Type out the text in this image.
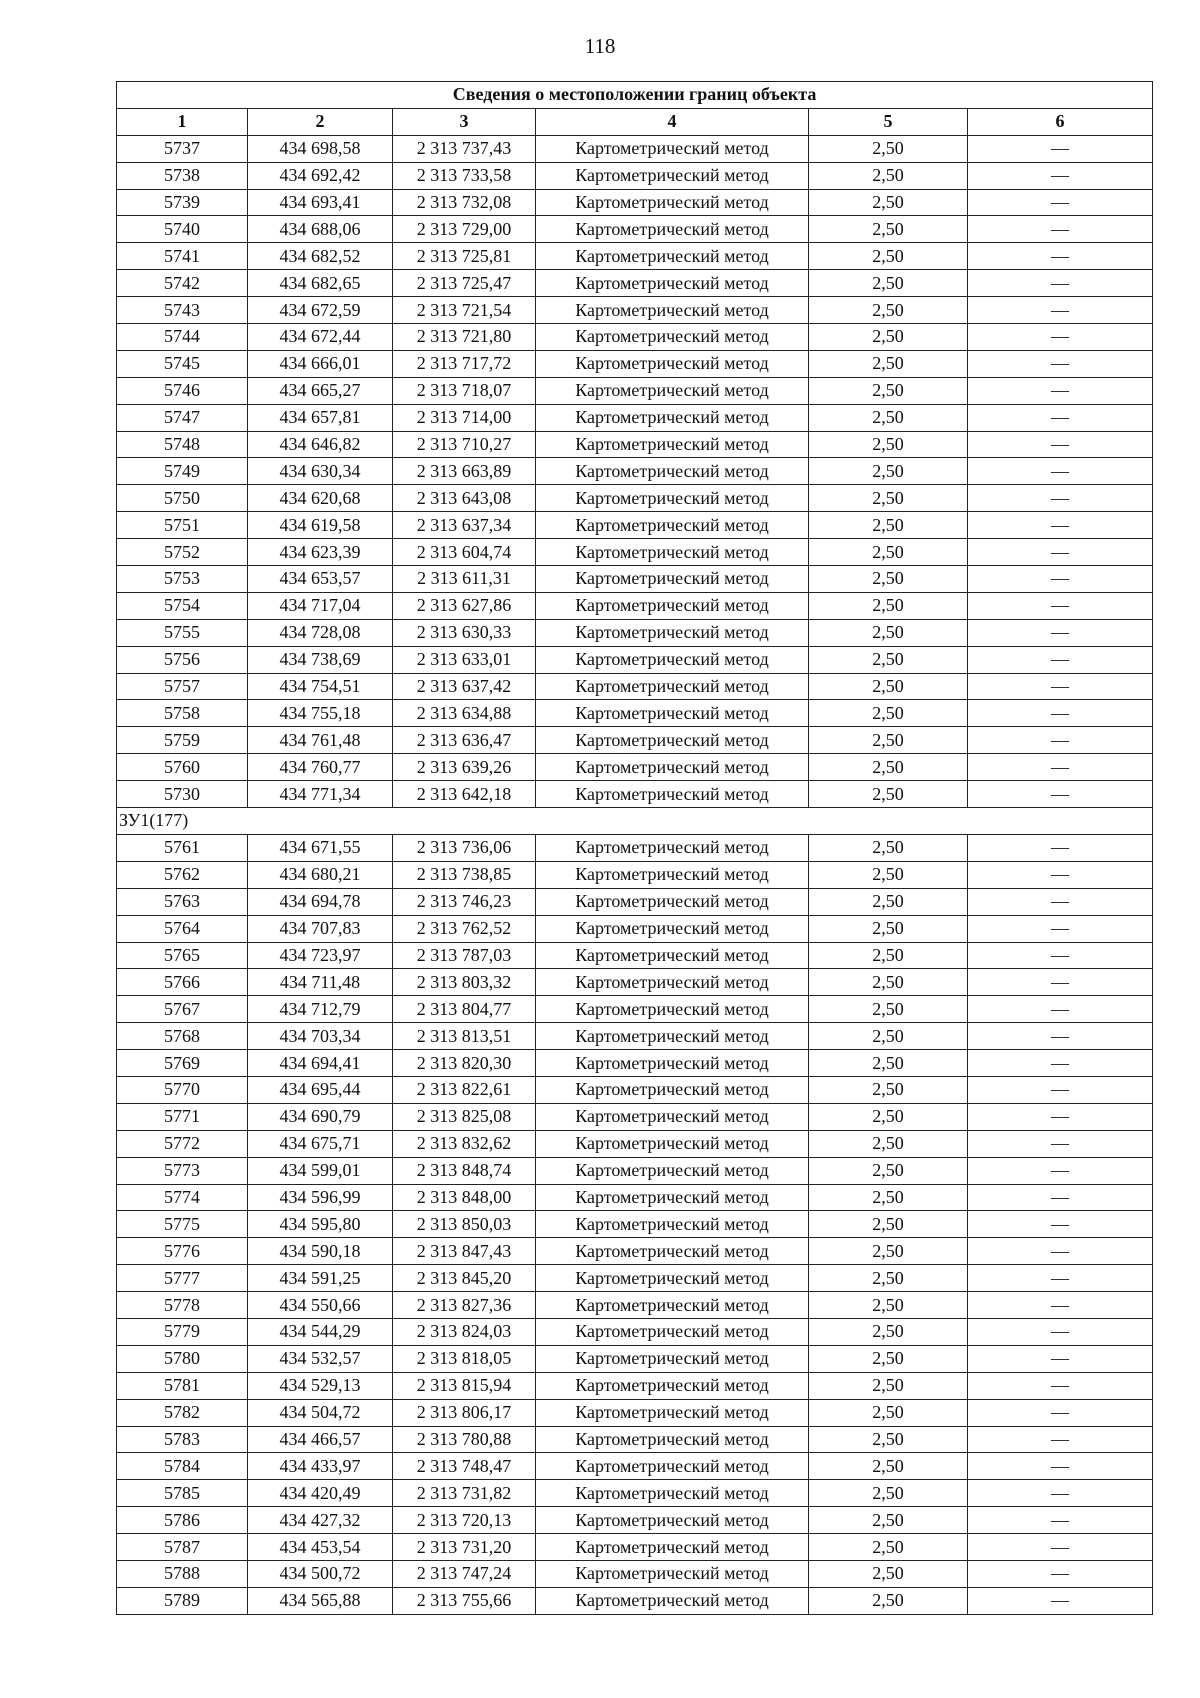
118
Сведения о местоположении границ объекта					
1	2	3	4	5	6
5737	434 698,58	2 313 737,43	Картометрический метод	2,50	—
5738	434 692,42	2 313 733,58	Картометрический метод	2,50	—
5739	434 693,41	2 313 732,08	Картометрический метод	2,50	—
5740	434 688,06	2 313 729,00	Картометрический метод	2,50	—
5741	434 682,52	2 313 725,81	Картометрический метод	2,50	—
5742	434 682,65	2 313 725,47	Картометрический метод	2,50	—
5743	434 672,59	2 313 721,54	Картометрический метод	2,50	—
5744	434 672,44	2 313 721,80	Картометрический метод	2,50	—
5745	434 666,01	2 313 717,72	Картометрический метод	2,50	—
5746	434 665,27	2 313 718,07	Картометрический метод	2,50	—
5747	434 657,81	2 313 714,00	Картометрический метод	2,50	—
5748	434 646,82	2 313 710,27	Картометрический метод	2,50	—
5749	434 630,34	2 313 663,89	Картометрический метод	2,50	—
5750	434 620,68	2 313 643,08	Картометрический метод	2,50	—
5751	434 619,58	2 313 637,34	Картометрический метод	2,50	—
5752	434 623,39	2 313 604,74	Картометрический метод	2,50	—
5753	434 653,57	2 313 611,31	Картометрический метод	2,50	—
5754	434 717,04	2 313 627,86	Картометрический метод	2,50	—
5755	434 728,08	2 313 630,33	Картометрический метод	2,50	—
5756	434 738,69	2 313 633,01	Картометрический метод	2,50	—
5757	434 754,51	2 313 637,42	Картометрический метод	2,50	—
5758	434 755,18	2 313 634,88	Картометрический метод	2,50	—
5759	434 761,48	2 313 636,47	Картометрический метод	2,50	—
5760	434 760,77	2 313 639,26	Картометрический метод	2,50	—
5730	434 771,34	2 313 642,18	Картометрический метод	2,50	—
ЗУ1(177)					
5761	434 671,55	2 313 736,06	Картометрический метод	2,50	—
5762	434 680,21	2 313 738,85	Картометрический метод	2,50	—
5763	434 694,78	2 313 746,23	Картометрический метод	2,50	—
5764	434 707,83	2 313 762,52	Картометрический метод	2,50	—
5765	434 723,97	2 313 787,03	Картометрический метод	2,50	—
5766	434 711,48	2 313 803,32	Картометрический метод	2,50	—
5767	434 712,79	2 313 804,77	Картометрический метод	2,50	—
5768	434 703,34	2 313 813,51	Картометрический метод	2,50	—
5769	434 694,41	2 313 820,30	Картометрический метод	2,50	—
5770	434 695,44	2 313 822,61	Картометрический метод	2,50	—
5771	434 690,79	2 313 825,08	Картометрический метод	2,50	—
5772	434 675,71	2 313 832,62	Картометрический метод	2,50	—
5773	434 599,01	2 313 848,74	Картометрический метод	2,50	—
5774	434 596,99	2 313 848,00	Картометрический метод	2,50	—
5775	434 595,80	2 313 850,03	Картометрический метод	2,50	—
5776	434 590,18	2 313 847,43	Картометрический метод	2,50	—
5777	434 591,25	2 313 845,20	Картометрический метод	2,50	—
5778	434 550,66	2 313 827,36	Картометрический метод	2,50	—
5779	434 544,29	2 313 824,03	Картометрический метод	2,50	—
5780	434 532,57	2 313 818,05	Картометрический метод	2,50	—
5781	434 529,13	2 313 815,94	Картометрический метод	2,50	—
5782	434 504,72	2 313 806,17	Картометрический метод	2,50	—
5783	434 466,57	2 313 780,88	Картометрический метод	2,50	—
5784	434 433,97	2 313 748,47	Картометрический метод	2,50	—
5785	434 420,49	2 313 731,82	Картометрический метод	2,50	—
5786	434 427,32	2 313 720,13	Картометрический метод	2,50	—
5787	434 453,54	2 313 731,20	Картометрический метод	2,50	—
5788	434 500,72	2 313 747,24	Картометрический метод	2,50	—
5789	434 565,88	2 313 755,66	Картометрический метод	2,50	—
